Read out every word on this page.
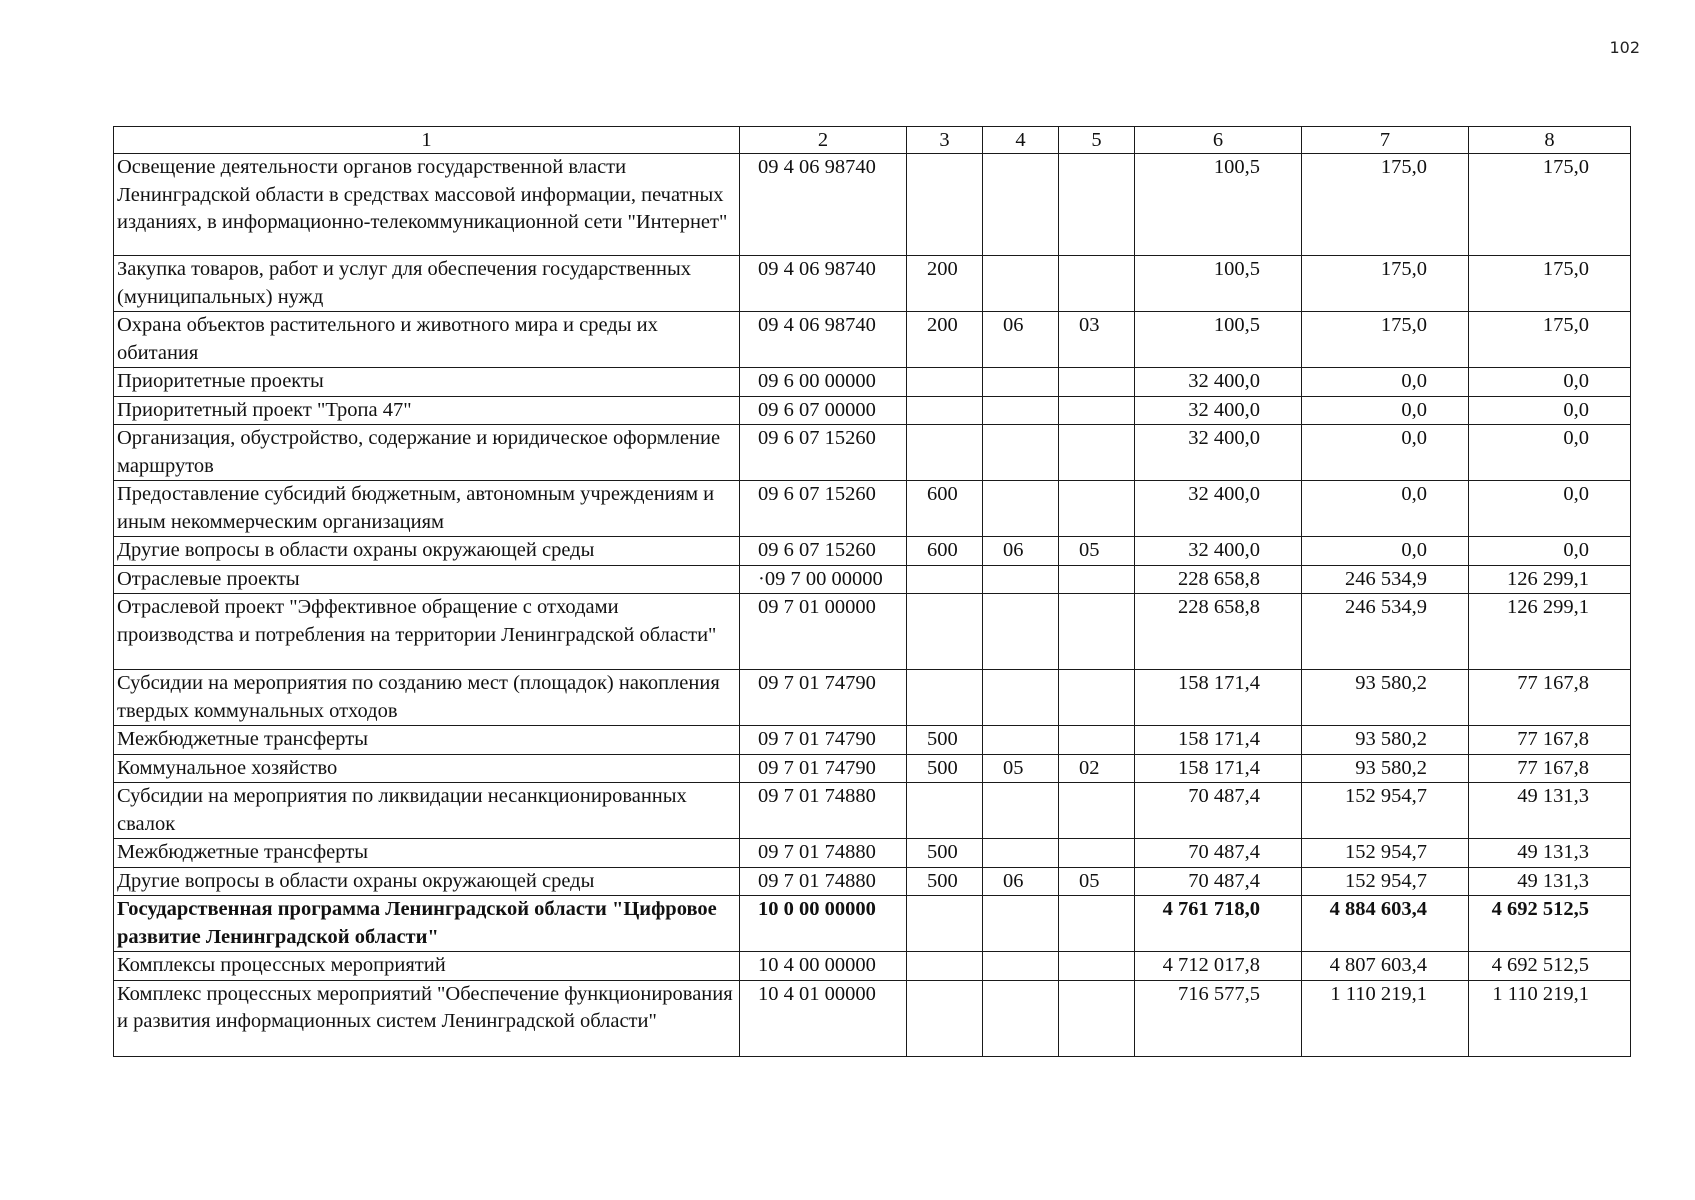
102
1	2	3	4	5	6	7	8
Освещение деятельности органов государственной власти Ленинградской области в средствах массовой информации, печатных изданиях, в информационно-телекоммуникационной сети "Интернет"	09 4 06 98740				100,5	175,0	175,0
Закупка товаров, работ и услуг для обеспечения государственных (муниципальных) нужд	09 4 06 98740	200			100,5	175,0	175,0
Охрана объектов растительного и животного мира и среды их обитания	09 4 06 98740	200	06	03	100,5	175,0	175,0
Приоритетные проекты	09 6 00 00000				32 400,0	0,0	0,0
Приоритетный проект "Тропа 47"	09 6 07 00000				32 400,0	0,0	0,0
Организация, обустройство, содержание и юридическое оформление маршрутов	09 6 07 15260				32 400,0	0,0	0,0
Предоставление субсидий бюджетным, автономным учреждениям и иным некоммерческим организациям	09 6 07 15260	600			32 400,0	0,0	0,0
Другие вопросы в области охраны окружающей среды	09 6 07 15260	600	06	05	32 400,0	0,0	0,0
Отраслевые проекты	·09 7 00 00000				228 658,8	246 534,9	126 299,1
Отраслевой проект "Эффективное обращение с отходами производства и потребления на территории Ленинградской области"	09 7 01 00000				228 658,8	246 534,9	126 299,1
Субсидии на мероприятия по созданию мест (площадок) накопления твердых коммунальных отходов	09 7 01 74790				158 171,4	93 580,2	77 167,8
Межбюджетные трансферты	09 7 01 74790	500			158 171,4	93 580,2	77 167,8
Коммунальное хозяйство	09 7 01 74790	500	05	02	158 171,4	93 580,2	77 167,8
Субсидии на мероприятия по ликвидации несанкционированных свалок	09 7 01 74880				70 487,4	152 954,7	49 131,3
Межбюджетные трансферты	09 7 01 74880	500			70 487,4	152 954,7	49 131,3
Другие вопросы в области охраны окружающей среды	09 7 01 74880	500	06	05	70 487,4	152 954,7	49 131,3
Государственная программа Ленинградской области "Цифровое развитие Ленинградской области"	10 0 00 00000				4 761 718,0	4 884 603,4	4 692 512,5
Комплексы процессных мероприятий	10 4 00 00000				4 712 017,8	4 807 603,4	4 692 512,5
Комплекс процессных мероприятий "Обеспечение функционирования и развития информационных систем Ленинградской области"	10 4 01 00000				716 577,5	1 110 219,1	1 110 219,1
